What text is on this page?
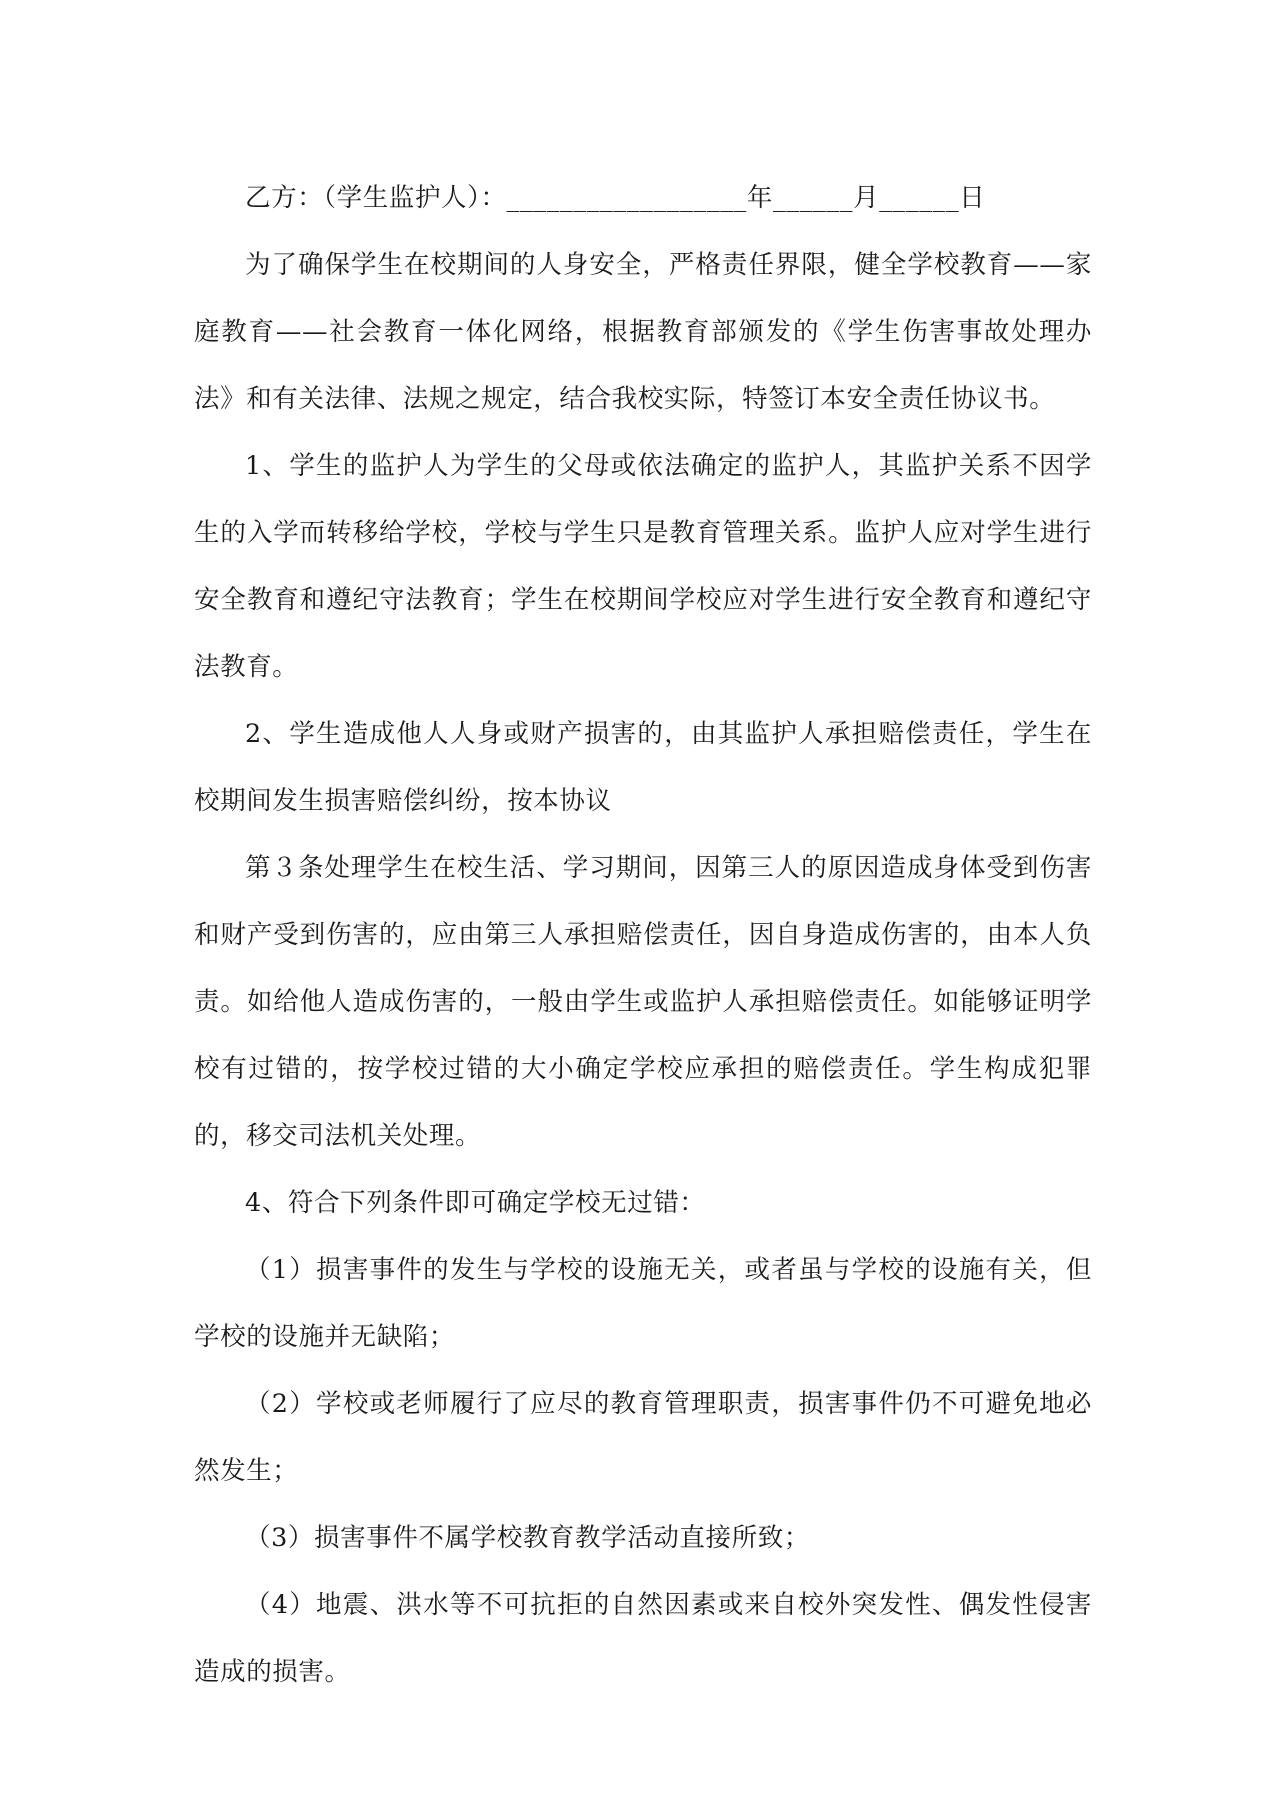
乙方：（学生监护人）：__________________年______月______日

为了确保学生在校期间的人身安全，严格责任界限，健全学校教育——家庭教育——社会教育一体化网络，根据教育部颁发的《学生伤害事故处理办法》和有关法律、法规之规定，结合我校实际，特签订本安全责任协议书。

1、学生的监护人为学生的父母或依法确定的监护人，其监护关系不因学生的入学而转移给学校，学校与学生只是教育管理关系。监护人应对学生进行安全教育和遵纪守法教育；学生在校期间学校应对学生进行安全教育和遵纪守法教育。

2、学生造成他人人身或财产损害的，由其监护人承担赔偿责任，学生在校期间发生损害赔偿纠纷，按本协议

第３条处理学生在校生活、学习期间，因第三人的原因造成身体受到伤害和财产受到伤害的，应由第三人承担赔偿责任，因自身造成伤害的，由本人负责。如给他人造成伤害的，一般由学生或监护人承担赔偿责任。如能够证明学校有过错的，按学校过错的大小确定学校应承担的赔偿责任。学生构成犯罪的，移交司法机关处理。

4、符合下列条件即可确定学校无过错：

（1）损害事件的发生与学校的设施无关，或者虽与学校的设施有关，但学校的设施并无缺陷；

（2）学校或老师履行了应尽的教育管理职责，损害事件仍不可避免地必然发生；

（3）损害事件不属学校教育教学活动直接所致；

（4）地震、洪水等不可抗拒的自然因素或来自校外突发性、偶发性侵害造成的损害。
